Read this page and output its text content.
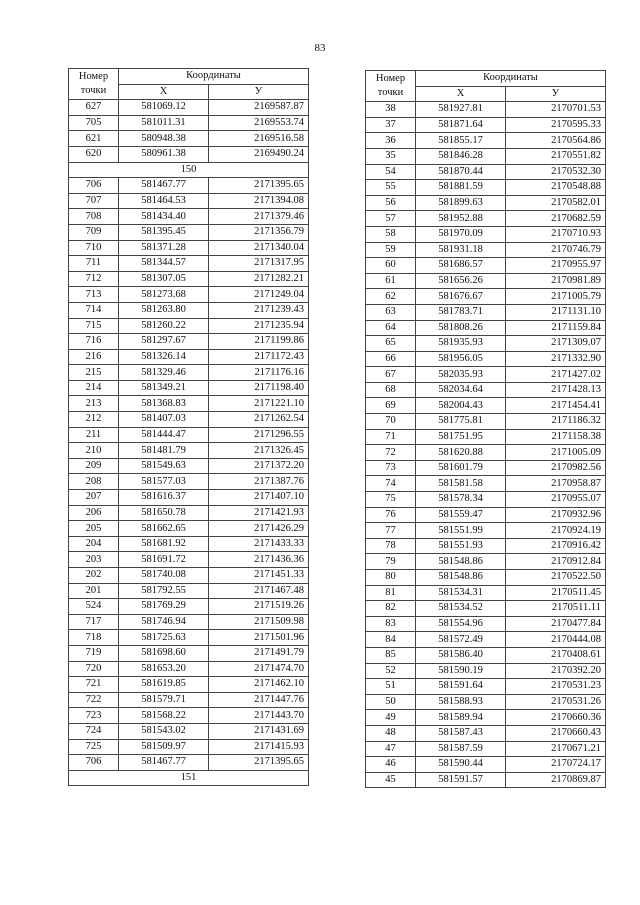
83
Номер
точки	Координаты	
	X	У
627	581069.12	2169587.87
705	581011.31	2169553.74
621	580948.38	2169516.58
620	580961.38	2169490.24
150		
706	581467.77	2171395.65
707	581464.53	2171394.08
708	581434.40	2171379.46
709	581395.45	2171356.79
710	581371.28	2171340.04
711	581344.57	2171317.95
712	581307.05	2171282.21
713	581273.68	2171249.04
714	581263.80	2171239.43
715	581260.22	2171235.94
716	581297.67	2171199.86
216	581326.14	2171172.43
215	581329.46	2171176.16
214	581349.21	2171198.40
213	581368.83	2171221.10
212	581407.03	2171262.54
211	581444.47	2171296.55
210	581481.79	2171326.45
209	581549.63	2171372.20
208	581577.03	2171387.76
207	581616.37	2171407.10
206	581650.78	2171421.93
205	581662.65	2171426.29
204	581681.92	2171433.33
203	581691.72	2171436.36
202	581740.08	2171451.33
201	581792.55	2171467.48
524	581769.29	2171519.26
717	581746.94	2171509.98
718	581725.63	2171501.96
719	581698.60	2171491.79
720	581653.20	2171474.70
721	581619.85	2171462.10
722	581579.71	2171447.76
723	581568.22	2171443.70
724	581543.02	2171431.69
725	581509.97	2171415.93
706	581467.77	2171395.65
151		
Номер
точки	Координаты	
	X	У
38	581927.81	2170701.53
37	581871.64	2170595.33
36	581855.17	2170564.86
35	581846.28	2170551.82
54	581870.44	2170532.30
55	581881.59	2170548.88
56	581899.63	2170582.01
57	581952.88	2170682.59
58	581970.09	2170710.93
59	581931.18	2170746.79
60	581686.57	2170955.97
61	581656.26	2170981.89
62	581676.67	2171005.79
63	581783.71	2171131.10
64	581808.26	2171159.84
65	581935.93	2171309.07
66	581956.05	2171332.90
67	582035.93	2171427.02
68	582034.64	2171428.13
69	582004.43	2171454.41
70	581775.81	2171186.32
71	581751.95	2171158.38
72	581620.88	2171005.09
73	581601.79	2170982.56
74	581581.58	2170958.87
75	581578.34	2170955.07
76	581559.47	2170932.96
77	581551.99	2170924.19
78	581551.93	2170916.42
79	581548.86	2170912.84
80	581548.86	2170522.50
81	581534.31	2170511.45
82	581534.52	2170511.11
83	581554.96	2170477.84
84	581572.49	2170444.08
85	581586.40	2170408.61
52	581590.19	2170392.20
51	581591.64	2170531.23
50	581588.93	2170531.26
49	581589.94	2170660.36
48	581587.43	2170660.43
47	581587.59	2170671.21
46	581590.44	2170724.17
45	581591.57	2170869.87
